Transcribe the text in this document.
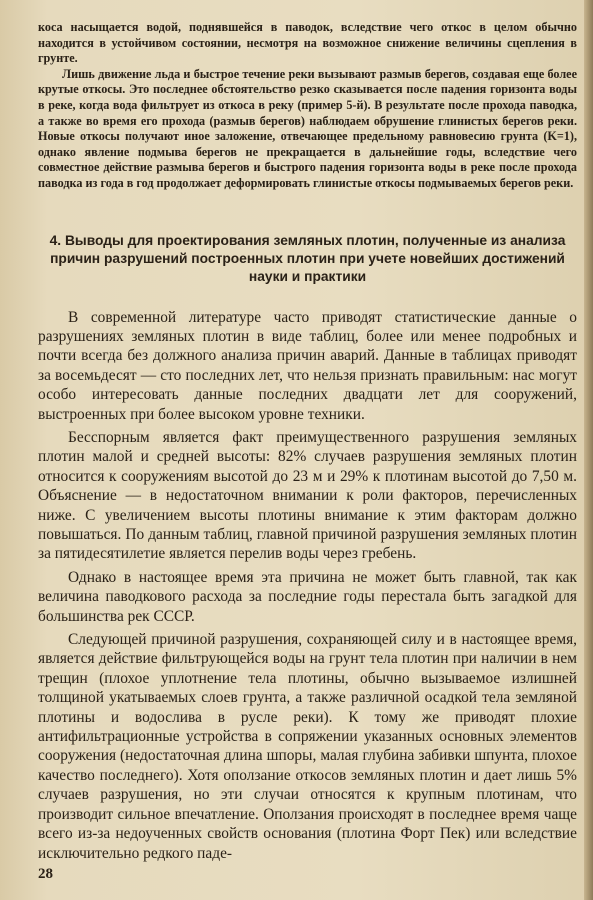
коса насыщается водой, поднявшейся в паводок, вследствие чего откос в целом обычно находится в устойчивом состоянии, несмотря на возможное снижение величины сцепления в грунте.

Лишь движение льда и быстрое течение реки вызывают размыв берегов, создавая еще более крутые откосы. Это последнее обстоятельство резко сказывается после падения горизонта воды в реке, когда вода фильтрует из откоса в реку (пример 5-й). В результате после прохода паводка, а также во время его прохода (размыв берегов) наблюдаем обрушение глинистых берегов реки. Новые откосы получают иное заложение, отвечающее предельному равновесию грунта (K=1), однако явление подмыва берегов не прекращается в дальнейшие годы, вследствие чего совместное действие размыва берегов и быстрого падения горизонта воды в реке после прохода паводка из года в год продолжает деформировать глинистые откосы подмываемых берегов реки.

4. Выводы для проектирования земляных плотин, полученные из анализа причин разрушений построенных плотин при учете новейших достижений науки и практики

В современной литературе часто приводят статистические данные о разрушениях земляных плотин в виде таблиц, более или менее подробных и почти всегда без должного анализа причин аварий. Данные в таблицах приводят за восемьдесят — сто последних лет, что нельзя признать правильным: нас могут особо интересовать данные последних двадцати лет для сооружений, выстроенных при более высоком уровне техники.

Бесспорным является факт преимущественного разрушения земляных плотин малой и средней высоты: 82% случаев разрушения земляных плотин относится к сооружениям высотой до 23 м и 29% к плотинам высотой до 7,50 м. Объяснение — в недостаточном внимании к роли факторов, перечисленных ниже. С увеличением высоты плотины внимание к этим факторам должно повышаться. По данным таблиц, главной причиной разрушения земляных плотин за пятидесятилетие является перелив воды через гребень.

Однако в настоящее время эта причина не может быть главной, так как величина паводкового расхода за последние годы перестала быть загадкой для большинства рек СССР.

Следующей причиной разрушения, сохраняющей силу и в настоящее время, является действие фильтрующейся воды на грунт тела плотин при наличии в нем трещин (плохое уплотнение тела плотины, обычно вызываемое излишней толщиной укатываемых слоев грунта, а также различной осадкой тела земляной плотины и водослива в русле реки). К тому же приводят плохие антифильтрационные устройства в сопряжении указанных основных элементов сооружения (недостаточная длина шпоры, малая глубина забивки шпунта, плохое качество последнего). Хотя оползание откосов земляных плотин и дает лишь 5% случаев разрушения, но эти случаи относятся к крупным плотинам, что производит сильное впечатление. Оползания происходят в последнее время чаще всего из-за недоученных свойств основания (плотина Форт Пек) или вследствие исключительно редкого паде-

28
